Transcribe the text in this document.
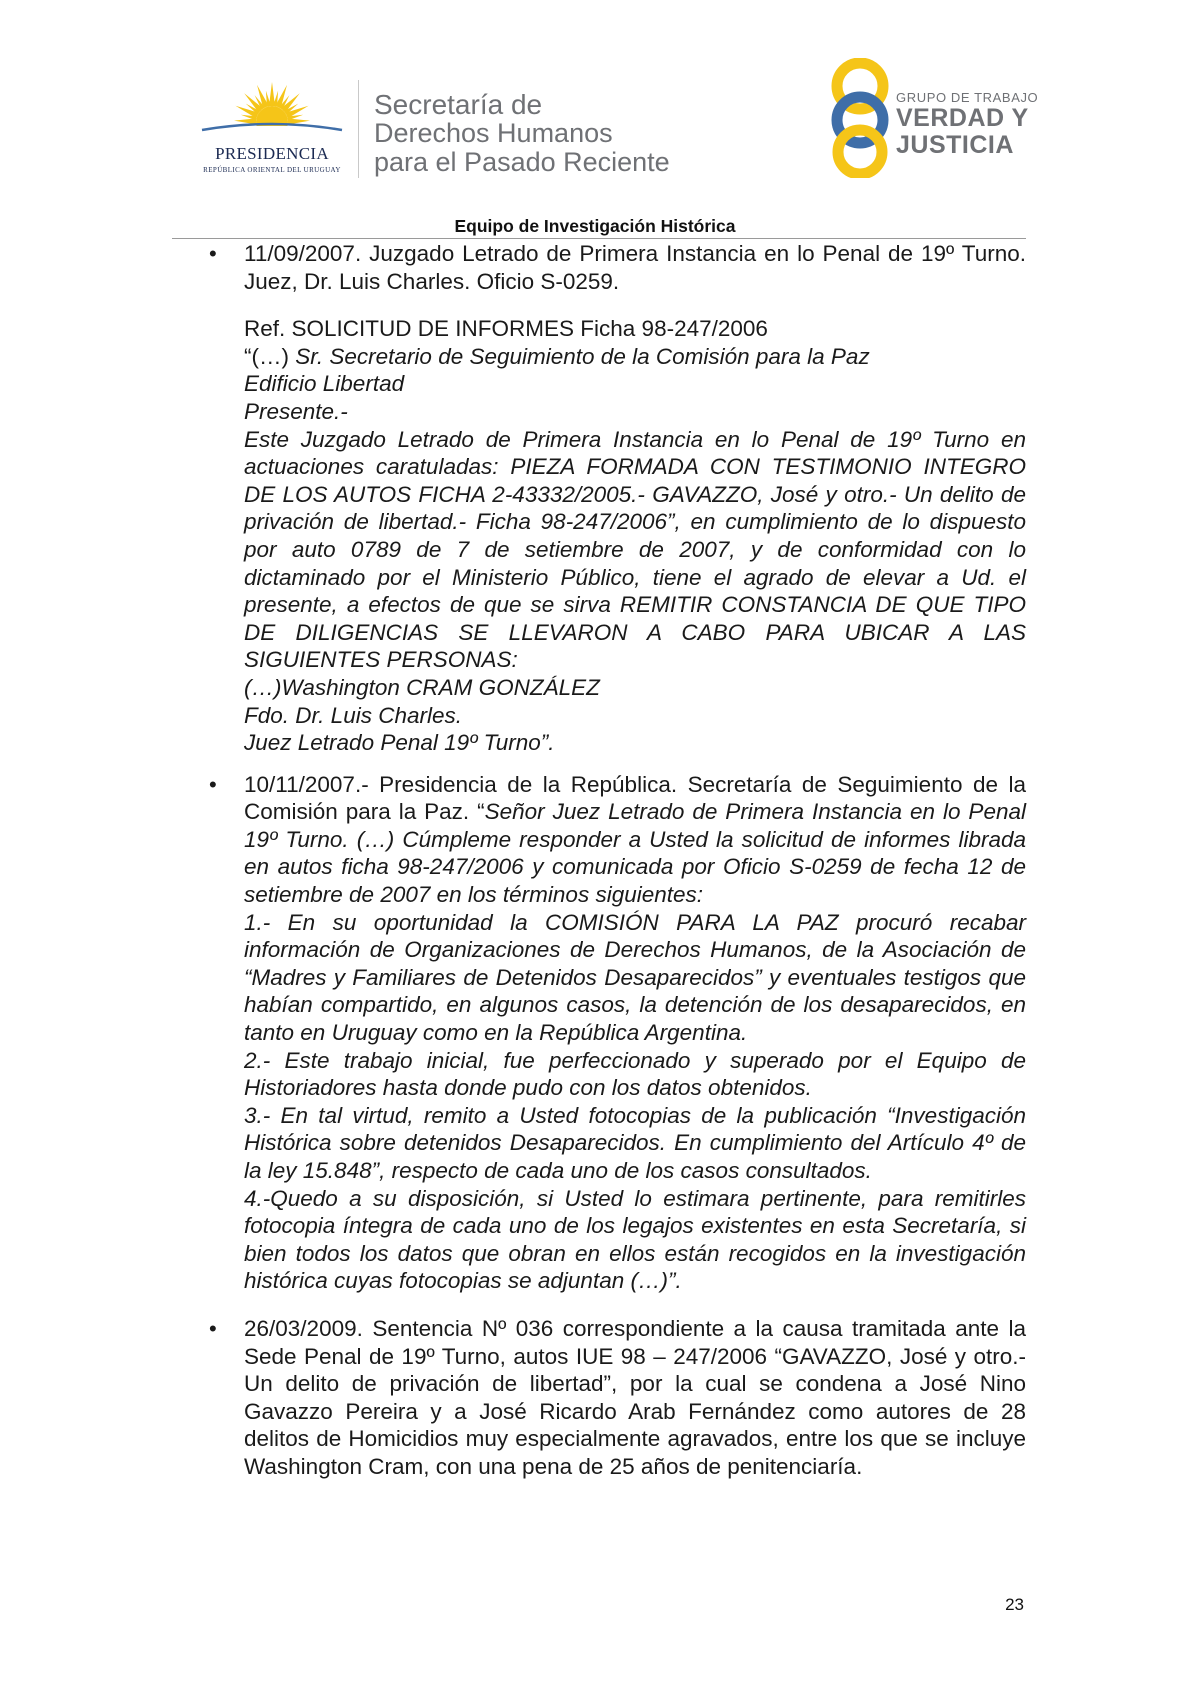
PRESIDENCIA
REPÚBLICA ORIENTAL DEL URUGUAY
Secretaría de
Derechos Humanos
para el Pasado Reciente
GRUPO DE TRABAJO
VERDAD Y
JUSTICIA
Equipo de Investigación Histórica
• 11/09/2007. Juzgado Letrado de Primera Instancia en lo Penal de 19º Turno. Juez, Dr. Luis Charles. Oficio S-0259.

Ref. SOLICITUD DE INFORMES Ficha 98-247/2006

“(…) Sr. Secretario de Seguimiento de la Comisión para la Paz

Edificio Libertad

Presente.-

Este Juzgado Letrado de Primera Instancia en lo Penal de 19º Turno en actuaciones caratuladas: PIEZA FORMADA CON TESTIMONIO INTEGRO DE LOS AUTOS FICHA 2-43332/2005.- GAVAZZO, José y otro.- Un delito de privación de libertad.- Ficha 98-247/2006”, en cumplimiento de lo dispuesto por auto 0789 de 7 de setiembre de 2007, y de conformidad con lo dictaminado por el Ministerio Público, tiene el agrado de elevar a Ud. el presente, a efectos de que se sirva REMITIR CONSTANCIA DE QUE TIPO DE DILIGENCIAS SE LLEVARON A CABO PARA UBICAR A LAS SIGUIENTES PERSONAS:

(…)Washington CRAM GONZÁLEZ

Fdo. Dr. Luis Charles.

Juez Letrado Penal 19º Turno”.

• 10/11/2007.- Presidencia de la República. Secretaría de Seguimiento de la Comisión para la Paz. “Señor Juez Letrado de Primera Instancia en lo Penal 19º Turno. (…) Cúmpleme responder a Usted la solicitud de informes librada en autos ficha 98-247/2006 y comunicada por Oficio S-0259 de fecha 12 de setiembre de 2007 en los términos siguientes:

1.- En su oportunidad la COMISIÓN PARA LA PAZ procuró recabar información de Organizaciones de Derechos Humanos, de la Asociación de “Madres y Familiares de Detenidos Desaparecidos” y eventuales testigos que habían compartido, en algunos casos, la detención de los desaparecidos, en tanto en Uruguay como en la República Argentina.

2.- Este trabajo inicial, fue perfeccionado y superado por el Equipo de Historiadores hasta donde pudo con los datos obtenidos.

3.- En tal virtud, remito a Usted fotocopias de la publicación “Investigación Histórica sobre detenidos Desaparecidos. En cumplimiento del Artículo 4º de la ley 15.848”, respecto de cada uno de los casos consultados.

4.-Quedo a su disposición, si Usted lo estimara pertinente, para remitirles fotocopia íntegra de cada uno de los legajos existentes en esta Secretaría, si bien todos los datos que obran en ellos están recogidos en la investigación histórica cuyas fotocopias se adjuntan (…)”.

• 26/03/2009. Sentencia Nº 036 correspondiente a la causa tramitada ante la Sede Penal de 19º Turno, autos IUE 98 – 247/2006 “GAVAZZO, José y otro.- Un delito de privación de libertad”, por la cual se condena a José Nino Gavazzo Pereira y a José Ricardo Arab Fernández como autores de 28 delitos de Homicidios muy especialmente agravados, entre los que se incluye Washington Cram, con una pena de 25 años de penitenciaría.

23
